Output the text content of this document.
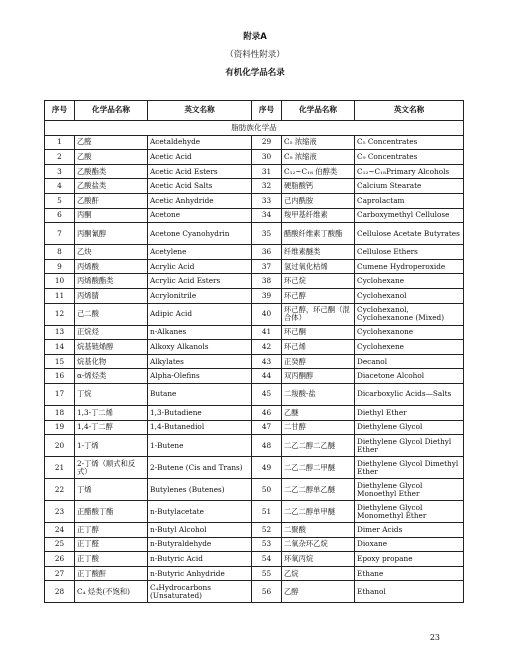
附录A
（资料性附录）
有机化学品名录
序号	化学品名称	英文名称	序号	化学品名称	英文名称
脂肪族化学品					
1	乙醛	Acetaldehyde	29	C₅ 浓缩液	C₅ Concentrates
2	乙酸	Acetic Acid	30	C₉ 浓缩液	C₉ Concentrates
3	乙酸酯类	Acetic Acid Esters	31	C₁₂~C₁₈ 伯醇类	C₁₂~C₁₈Primary Alcohols
4	乙酸盐类	Acetic Acid Salts	32	硬脂酸钙	Calcium Stearate
5	乙酸酐	Acetic Anhydride	33	己内酰胺	Caprolactam
6	丙酮	Acetone	34	羧甲基纤维素	Carboxymethyl Cellulose
7	丙酮氰醇	Acetone Cyanohydrin	35	醋酸纤维素丁酸酯	Cellulose Acetate Butyrates
8	乙炔	Acetylene	36	纤维素醚类	Cellulose Ethers
9	丙烯酸	Acrylic Acid	37	氢过氧化枯烯	Cumene Hydroperoxide
10	丙烯酸酯类	Acrylic Acid Esters	38	环己烷	Cyclohexane
11	丙烯腈	Acrylonitrile	39	环己醇	Cyclohexanol
12	己二酸	Adipic Acid	40	环己醇，环己酮（混合体）	Cyclohexanol, Cyclohexanone (Mixed)
13	正烷烃	n-Alkanes	41	环己酮	Cyclohexanone
14	烷基链烯醇	Alkoxy Alkanols	42	环己烯	Cyclohexene
15	烷基化物	Alkylates	43	正癸醇	Decanol
16	α-烯烃类	Alpha-Olefins	44	双丙酮醇	Diacetone Alcohol
17	丁烷	Butane	45	二羧酸-盐	Dicarboxylic Acids—Salts
18	1,3-丁二烯	1,3-Butadiene	46	乙醚	Diethyl Ether
19	1,4-丁二醇	1,4-Butanediol	47	二甘醇	Diethylene Glycol
20	1-丁烯	1-Butene	48	二乙二醇二乙醚	Diethylene Glycol Diethyl Ether
21	2-丁烯（顺式和反式）	2-Butene (Cis and Trans)	49	二乙二醇二甲醚	Diethylene Glycol Dimethyl Ether
22	丁烯	Butylenes (Butenes)	50	二乙二醇单乙醚	Diethylene Glycol Monoethyl Ether
23	正醋酸丁酯	n-Butylacetate	51	二乙二醇单甲醚	Diethylene Glycol Monomethyl Ether
24	正丁醇	n-Butyl Alcohol	52	二聚酸	Dimer Acids
25	正丁醛	n-Butyraldehyde	53	二氧杂环乙烷	Dioxane
26	正丁酸	n-Butyric Acid	54	环氧丙烷	Epoxy propane
27	正丁酸酐	n-Butyric Anhydride	55	乙烷	Ethane
28	C₄ 烃类(不饱和)	C₄Hydrocarbons (Unsaturated)	56	乙醇	Ethanol
23
